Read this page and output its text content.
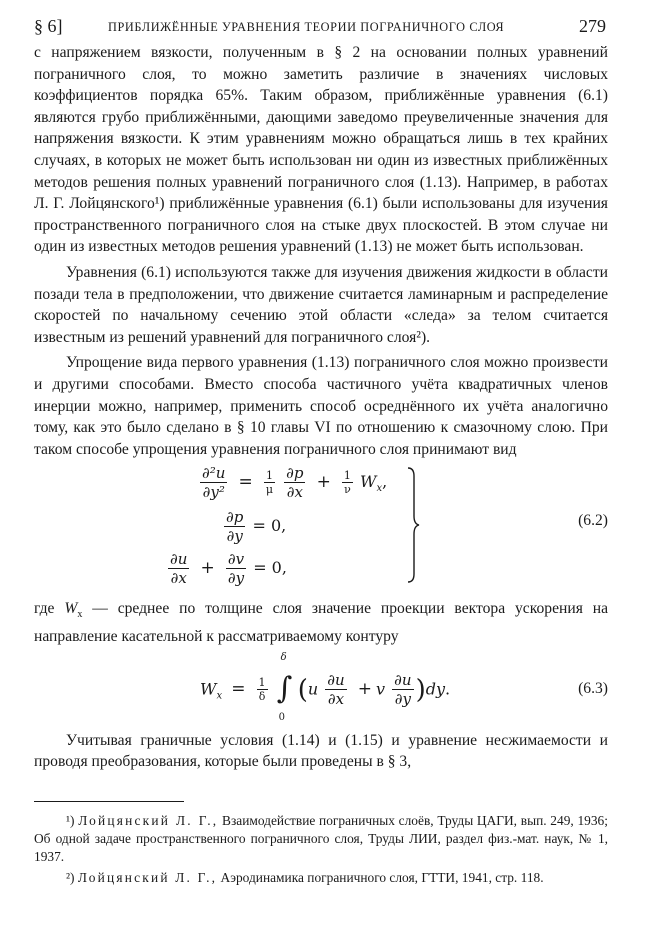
§ 6]	ПРИБЛИЖЁННЫЕ УРАВНЕНИЯ ТЕОРИИ ПОГРАНИЧНОГО СЛОЯ	279

с напряжением вязкости, полученным в § 2 на основании полных уравнений пограничного слоя, то можно заметить различие в значениях числовых коэффициентов порядка 65%. Таким образом, приближённые уравнения (6.1) являются грубо приближёнными, дающими заведомо преувеличенные значения для напряжения вязкости. К этим уравнениям можно обращаться лишь в тех крайних случаях, в которых не может быть использован ни один из известных приближённых методов решения полных уравнений пограничного слоя (1.13). Например, в работах Л. Г. Лойцянского¹) приближённые уравнения (6.1) были использованы для изучения пространственного пограничного слоя на стыке двух плоскостей. В этом случае ни один из известных методов решения уравнений (1.13) не может быть использован.

Уравнения (6.1) используются также для изучения движения жидкости в области позади тела в предположении, что движение считается ламинарным и распределение скоростей по начальному сечению этой области «следа» за телом считается известным из решений уравнений для пограничного слоя²).

Упрощение вида первого уравнения (1.13) пограничного слоя можно произвести и другими способами. Вместо способа частичного учёта квадратичных членов инерции можно, например, применить способ осреднённого их учёта аналогично тому, как это было сделано в § 10 главы VI по отношению к смазочному слою. При таком способе упрощения уравнения пограничного слоя принимают вид

$\frac{\text{∂²u}}{\text{∂y²}} = \frac{1}{\mu}$
$\frac{\partial p}{\partial x} + \frac{1}{\nu} W_x$,
$\frac{\partial p}{\partial y} = 0$,
$\frac{\partial u}{\partial x} + \frac{\partial v}{\partial y} = 0$,
(6.2)

где $W_x$ — среднее по толщине слоя значение проекции вектора ускорения на направление касательной к рассматриваемому контуру

$W_x = \frac{1}{\delta}$

δ
∫
0
$(u \frac{\partial u}{\partial x} + v \frac{\partial u}{\partial y} )dy$.	(6.3)

Учитывая граничные условия (1.14) и (1.15) и уравнение несжимаемости и проводя преобразования, которые были проведены в § 3,

¹) Лойцянский Л. Г., Взаимодействие пограничных слоёв, Труды ЦАГИ, вып. 249, 1936; Об одной задаче пространственного пограничного слоя, Труды ЛИИ, раздел физ.-мат. наук, № 1, 1937.

²) Лойцянский Л. Г., Аэродинамика пограничного слоя, ГТТИ, 1941, стр. 118.
